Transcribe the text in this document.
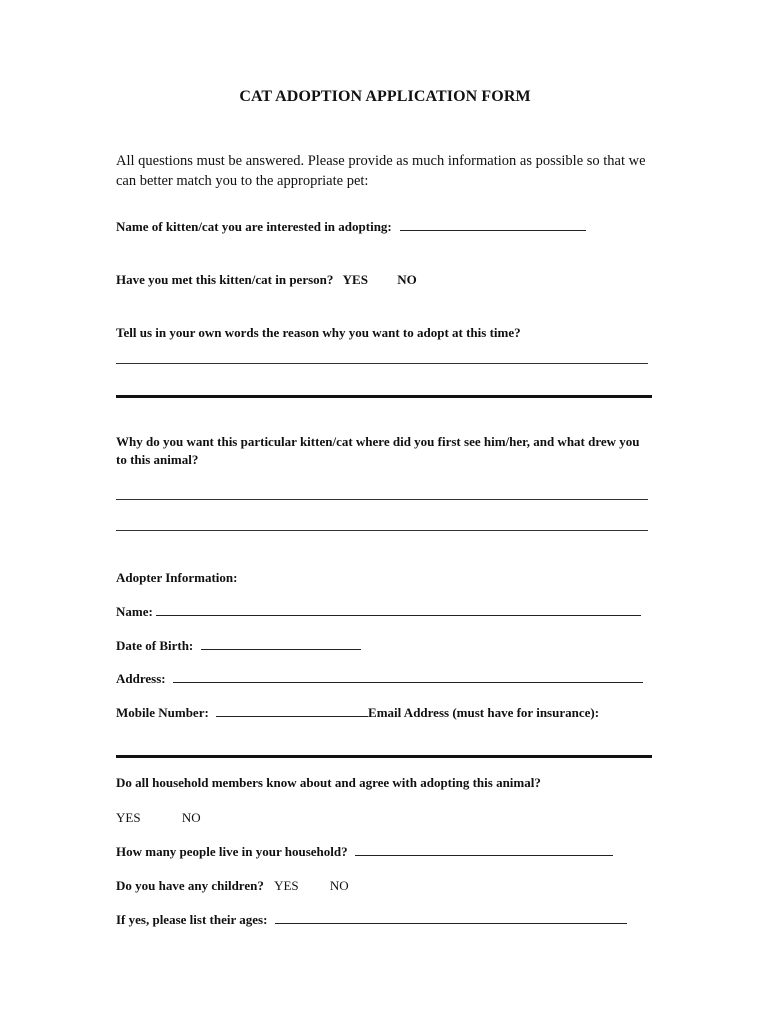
CAT ADOPTION APPLICATION FORM
All questions must be answered. Please provide as much information as possible so that we can better match you to the appropriate pet:
Name of kitten/cat you are interested in adopting:
Have you met this kitten/cat in person? YES NO
Tell us in your own words the reason why you want to adopt at this time?
Why do you want this particular kitten/cat where did you first see him/her, and what drew you to this animal?
Adopter Information:
Name:
Date of Birth:
Address:
Mobile Number:	Email Address (must have for insurance):
Do all household members know about and agree with adopting this animal?
YES	NO
How many people live in your household?
Do you have any children? YES NO
If yes, please list their ages:
